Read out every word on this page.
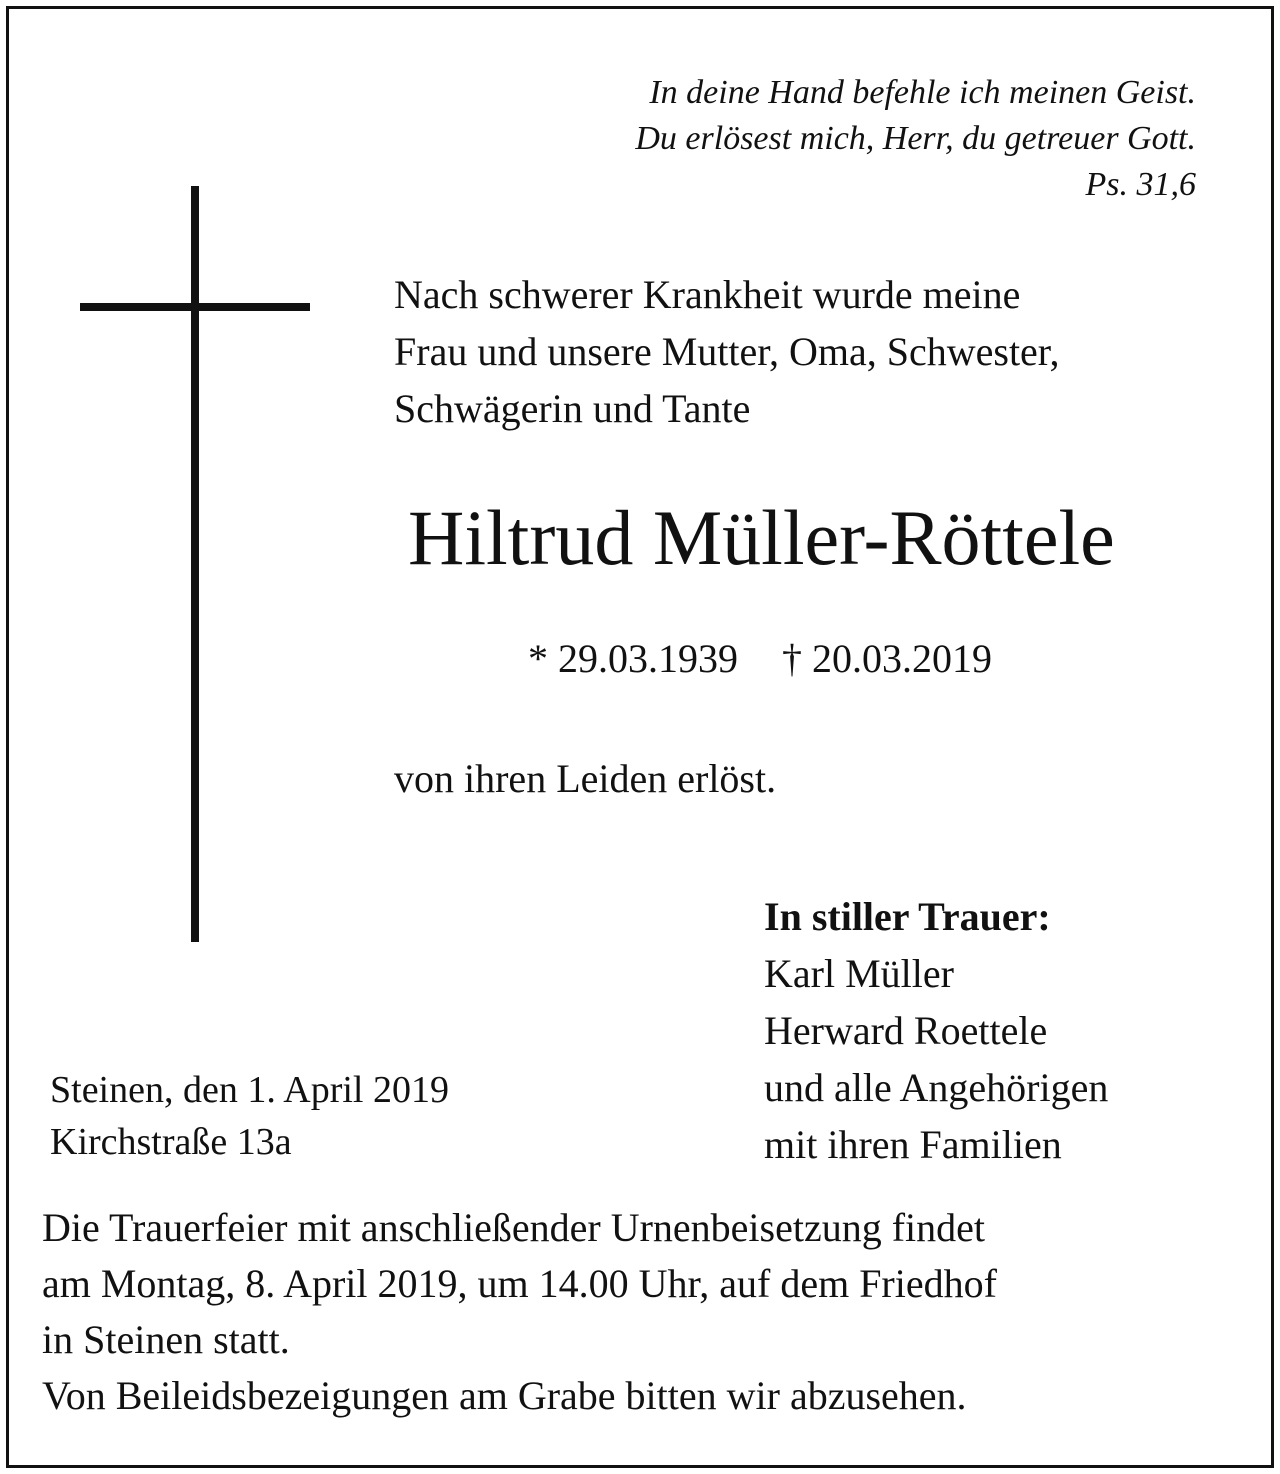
In deine Hand befehle ich meinen Geist.
Du erlösest mich, Herr, du getreuer Gott.
Ps. 31,6
Nach schwerer Krankheit wurde meine
Frau und unsere Mutter, Oma, Schwester,
Schwägerin und Tante
Hiltrud Müller-Röttele
* 29.03.1939 † 20.03.2019
von ihren Leiden erlöst.
In stiller Trauer:
Karl Müller
Herward Roettele
und alle Angehörigen
mit ihren Familien
Steinen, den 1. April 2019
Kirchstraße 13a
Die Trauerfeier mit anschließender Urnenbeisetzung findet
am Montag, 8. April 2019, um 14.00 Uhr, auf dem Friedhof
in Steinen statt.
Von Beileidsbezeigungen am Grabe bitten wir abzusehen.
